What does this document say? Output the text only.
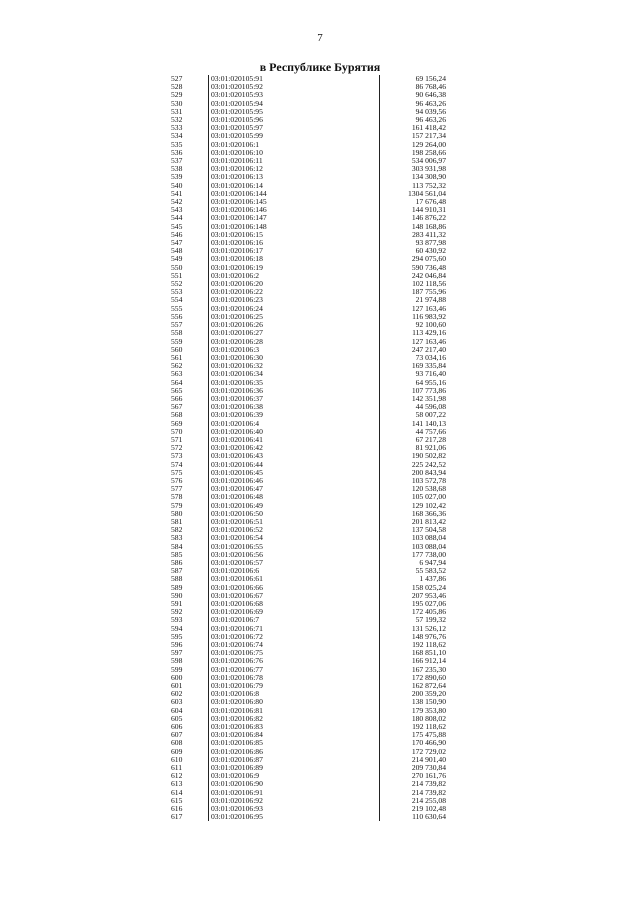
7
в Республике Бурятия
527	03:01:020105:91	69 156,24
528	03:01:020105:92	86 768,46
529	03:01:020105:93	90 646,38
530	03:01:020105:94	96 463,26
531	03:01:020105:95	94 039,56
532	03:01:020105:96	96 463,26
533	03:01:020105:97	161 418,42
534	03:01:020105:99	157 217,34
535	03:01:020106:1	129 264,00
536	03:01:020106:10	198 258,66
537	03:01:020106:11	534 006,97
538	03:01:020106:12	303 931,98
539	03:01:020106:13	134 308,90
540	03:01:020106:14	113 752,32
541	03:01:020106:144	1304 561,04
542	03:01:020106:145	17 676,48
543	03:01:020106:146	144 910,31
544	03:01:020106:147	146 876,22
545	03:01:020106:148	148 168,86
546	03:01:020106:15	283 411,32
547	03:01:020106:16	93 877,98
548	03:01:020106:17	60 430,92
549	03:01:020106:18	294 075,60
550	03:01:020106:19	590 736,48
551	03:01:020106:2	242 046,84
552	03:01:020106:20	102 118,56
553	03:01:020106:22	187 755,96
554	03:01:020106:23	21 974,88
555	03:01:020106:24	127 163,46
556	03:01:020106:25	116 983,92
557	03:01:020106:26	92 100,60
558	03:01:020106:27	113 429,16
559	03:01:020106:28	127 163,46
560	03:01:020106:3	247 217,40
561	03:01:020106:30	73 034,16
562	03:01:020106:32	169 335,84
563	03:01:020106:34	93 716,40
564	03:01:020106:35	64 955,16
565	03:01:020106:36	107 773,86
566	03:01:020106:37	142 351,98
567	03:01:020106:38	44 596,08
568	03:01:020106:39	58 007,22
569	03:01:020106:4	141 140,13
570	03:01:020106:40	44 757,66
571	03:01:020106:41	67 217,28
572	03:01:020106:42	81 921,06
573	03:01:020106:43	190 502,82
574	03:01:020106:44	225 242,52
575	03:01:020106:45	200 843,94
576	03:01:020106:46	103 572,78
577	03:01:020106:47	120 538,68
578	03:01:020106:48	105 027,00
579	03:01:020106:49	129 102,42
580	03:01:020106:50	168 366,36
581	03:01:020106:51	201 813,42
582	03:01:020106:52	137 504,58
583	03:01:020106:54	103 088,04
584	03:01:020106:55	103 088,04
585	03:01:020106:56	177 738,00
586	03:01:020106:57	6 947,94
587	03:01:020106:6	55 583,52
588	03:01:020106:61	1 437,86
589	03:01:020106:66	158 025,24
590	03:01:020106:67	207 953,46
591	03:01:020106:68	195 027,06
592	03:01:020106:69	172 405,86
593	03:01:020106:7	57 199,32
594	03:01:020106:71	131 526,12
595	03:01:020106:72	148 976,76
596	03:01:020106:74	192 118,62
597	03:01:020106:75	168 851,10
598	03:01:020106:76	166 912,14
599	03:01:020106:77	167 235,30
600	03:01:020106:78	172 890,60
601	03:01:020106:79	162 872,64
602	03:01:020106:8	200 359,20
603	03:01:020106:80	138 150,90
604	03:01:020106:81	179 353,80
605	03:01:020106:82	180 808,02
606	03:01:020106:83	192 118,62
607	03:01:020106:84	175 475,88
608	03:01:020106:85	170 466,90
609	03:01:020106:86	172 729,02
610	03:01:020106:87	214 901,40
611	03:01:020106:89	209 730,84
612	03:01:020106:9	270 161,76
613	03:01:020106:90	214 739,82
614	03:01:020106:91	214 739,82
615	03:01:020106:92	214 255,08
616	03:01:020106:93	219 102,48
617	03:01:020106:95	110 630,64
